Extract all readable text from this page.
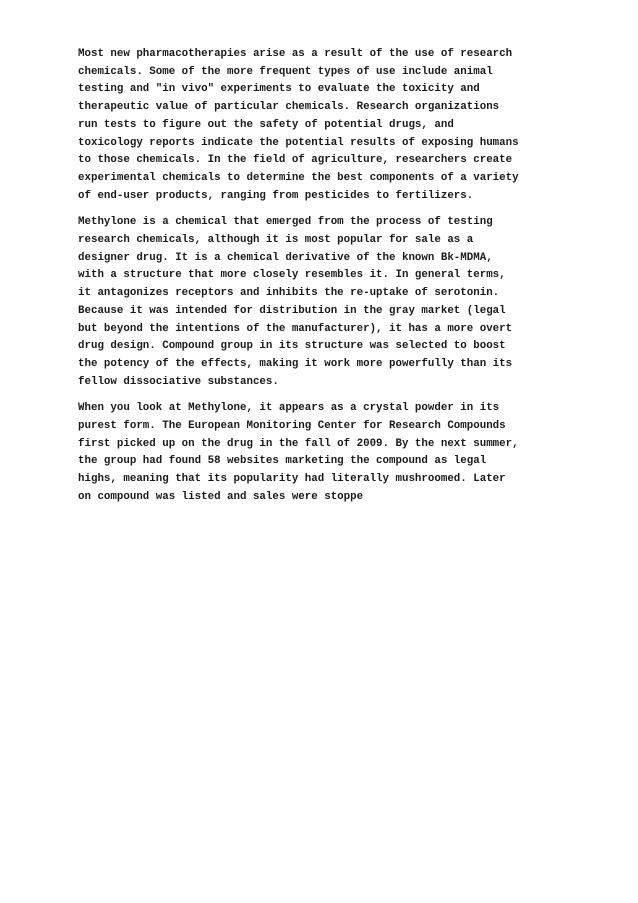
Most new pharmacotherapies arise as a result of the use of research
chemicals. Some of the more frequent types of use include animal
testing and "in vivo" experiments to evaluate the toxicity and
therapeutic value of particular chemicals. Research organizations
run tests to figure out the safety of potential drugs, and
toxicology reports indicate the potential results of exposing humans
to those chemicals. In the field of agriculture, researchers create
experimental chemicals to determine the best components of a variety
of end-user products, ranging from pesticides to fertilizers.

Methylone is a chemical that emerged from the process of testing
research chemicals, although it is most popular for sale as a
designer drug. It is a chemical derivative of the known Bk-MDMA,
with a structure that more closely resembles it. In general terms,
it antagonizes receptors and inhibits the re-uptake of serotonin.
Because it was intended for distribution in the gray market (legal
but beyond the intentions of the manufacturer), it has a more overt
drug design. Compound group in its structure was selected to boost
the potency of the effects, making it work more powerfully than its
fellow dissociative substances.

When you look at Methylone, it appears as a crystal powder in its
purest form. The European Monitoring Center for Research Compounds
first picked up on the drug in the fall of 2009. By the next summer,
the group had found 58 websites marketing the compound as legal
highs, meaning that its popularity had literally mushroomed. Later
on compound was listed and sales were stoppe
